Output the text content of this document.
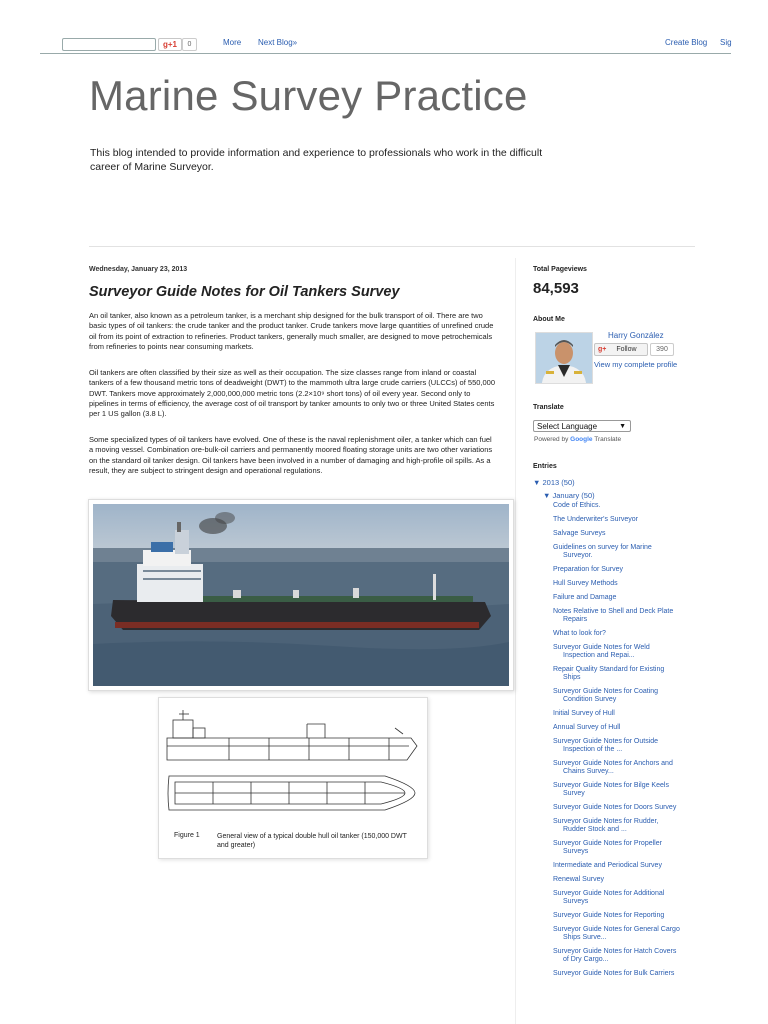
g+1	0	More Next Blog»	Create Blog Sig
Marine Survey Practice
This blog intended to provide information and experience to professionals who work in the difficult career of Marine Surveyor.
Wednesday, January 23, 2013
Surveyor Guide Notes for Oil Tankers Survey

An oil tanker, also known as a petroleum tanker, is a merchant ship designed for the bulk transport of oil. There are two basic types of oil tankers: the crude tanker and the product tanker. Crude tankers move large quantities of unrefined crude oil from its point of extraction to refineries. Product tankers, generally much smaller, are designed to move petrochemicals from refineries to points near consuming markets.

Oil tankers are often classified by their size as well as their occupation. The size classes range from inland or coastal tankers of a few thousand metric tons of deadweight (DWT) to the mammoth ultra large crude carriers (ULCCs) of 550,000 DWT. Tankers move approximately 2,000,000,000 metric tons (2.2×10⁹ short tons) of oil every year. Second only to pipelines in terms of efficiency, the average cost of oil transport by tanker amounts to only two or three United States cents per 1 US gallon (3.8 L).

Some specialized types of oil tankers have evolved. One of these is the naval replenishment oiler, a tanker which can fuel a moving vessel. Combination ore-bulk-oil carriers and permanently moored floating storage units are two other variations on the standard oil tanker design. Oil tankers have been involved in a number of damaging and high-profile oil spills. As a result, they are subject to stringent design and operational regulations.

Figure 1 General view of a typical double hull oil tanker (150,000 DWT and greater)
Total Pageviews
84,593
About Me
Harry González
g+ Follow	390
View my complete profile
Translate
Select Language	▼
Powered by Google Translate
Entries
▼ 2013 (50)
▼ January (50)
Code of Ethics.
The Underwriter's Surveyor
Salvage Surveys
Guidelines on survey for Marine
Surveyor.
Preparation for Survey
Hull Survey Methods
Failure and Damage
Notes Relative to Shell and Deck Plate
Repairs
What to look for?
Surveyor Guide Notes for Weld
Inspection and Repai...
Repair Quality Standard for Existing
Ships
Surveyor Guide Notes for Coating
Condition Survey
Initial Survey of Hull
Annual Survey of Hull
Surveyor Guide Notes for Outside
Inspection of the ...
Surveyor Guide Notes for Anchors and
Chains Survey...
Surveyor Guide Notes for Bilge Keels
Survey
Surveyor Guide Notes for Doors Survey
Surveyor Guide Notes for Rudder,
Rudder Stock and ...
Surveyor Guide Notes for Propeller
Surveys
Intermediate and Periodical Survey
Renewal Survey
Surveyor Guide Notes for Additional
Surveys
Surveyor Guide Notes for Reporting
Surveyor Guide Notes for General Cargo
Ships Surve...
Surveyor Guide Notes for Hatch Covers
of Dry Cargo...
Surveyor Guide Notes for Bulk Carriers
